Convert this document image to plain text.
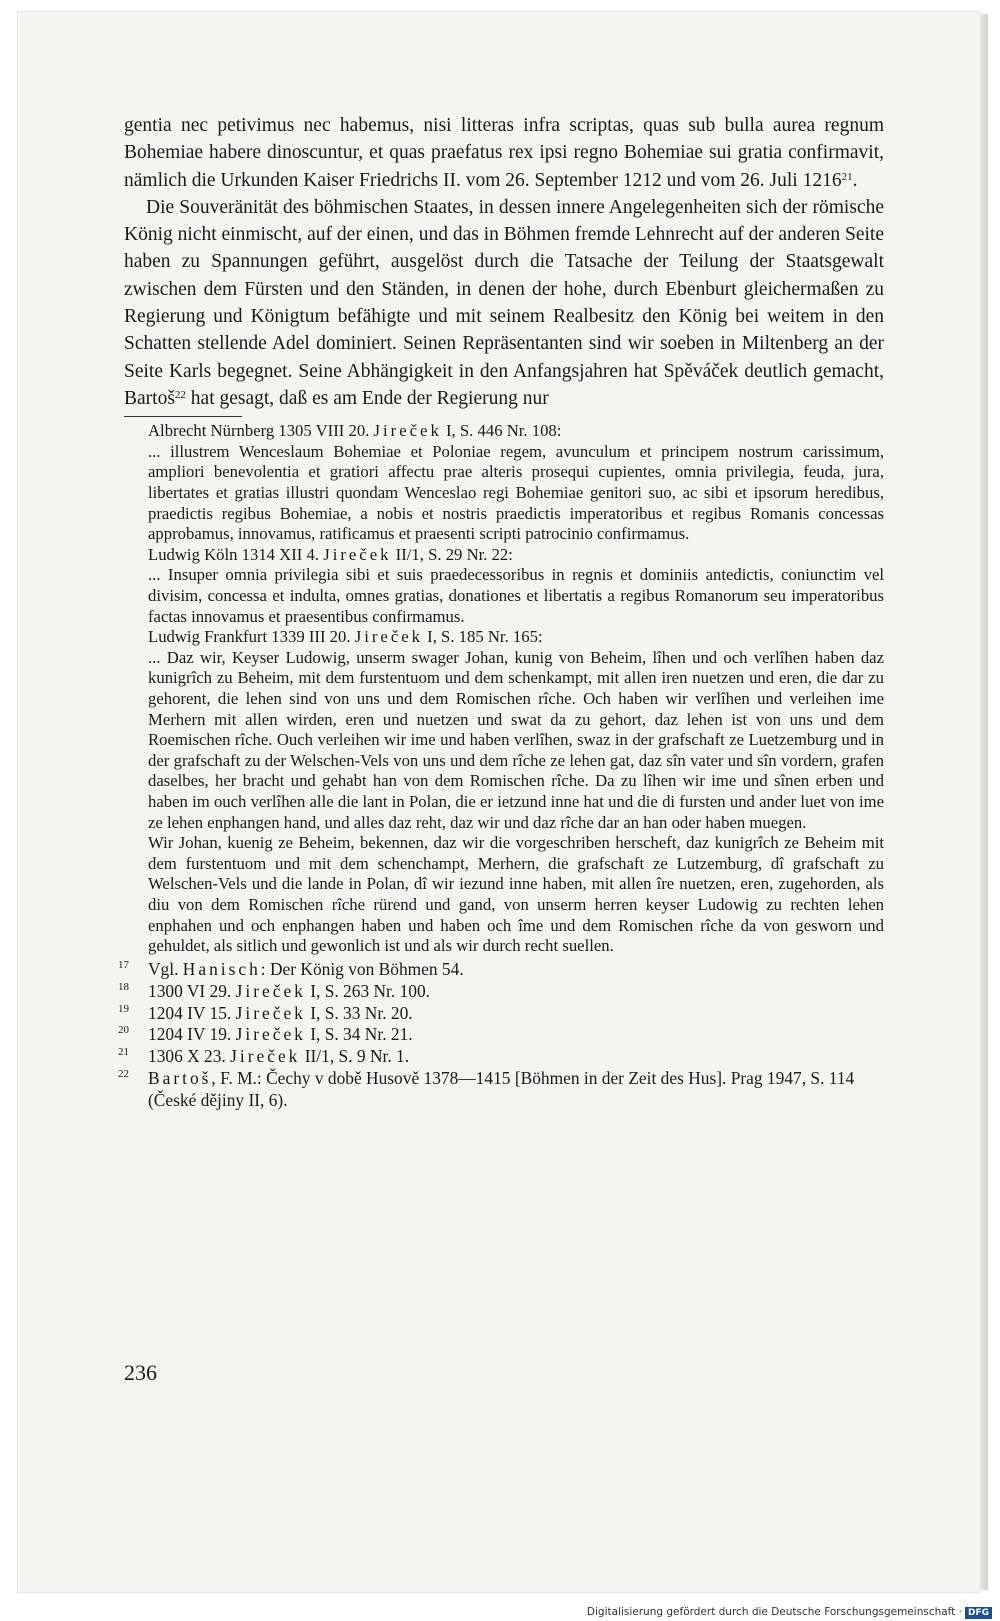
gentia nec petivimus nec habemus, nisi litteras infra scriptas, quas sub bulla aurea regnum Bohemiae habere dinoscuntur, et quas praefatus rex ipsi regno Bohemiae sui gratia confirmavit, nämlich die Urkunden Kaiser Friedrichs II. vom 26. September 1212 und vom 26. Juli 1216$^{21}$.

Die Souveränität des böhmischen Staates, in dessen innere Angelegenheiten sich der römische König nicht einmischt, auf der einen, und das in Böhmen fremde Lehnrecht auf der anderen Seite haben zu Spannungen geführt, ausgelöst durch die Tatsache der Teilung der Staatsgewalt zwischen dem Fürsten und den Ständen, in denen der hohe, durch Ebenburt gleichermaßen zu Regierung und Königtum befähigte und mit seinem Realbesitz den König bei weitem in den Schatten stellende Adel dominiert. Seinen Repräsentanten sind wir soeben in Miltenberg an der Seite Karls begegnet. Seine Abhängigkeit in den Anfangsjahren hat Spěváček deutlich gemacht, Bartoš$^{22}$ hat gesagt, daß es am Ende der Regierung nur

Albrecht Nürnberg 1305 VIII 20. Jireček I, S. 446 Nr. 108:

... illustrem Wenceslaum Bohemiae et Poloniae regem, avunculum et principem nostrum carissimum, ampliori benevolentia et gratiori affectu prae alteris prosequi cupientes, omnia privilegia, feuda, jura, libertates et gratias illustri quondam Wenceslao regi Bohemiae genitori suo, ac sibi et ipsorum heredibus, praedictis regibus Bohemiae, a nobis et nostris praedictis imperatoribus et regibus Romanis concessas approbamus, innovamus, ratificamus et praesenti scripti patrocinio confirmamus.

Ludwig Köln 1314 XII 4. Jireček II/1, S. 29 Nr. 22:

... Insuper omnia privilegia sibi et suis praedecessoribus in regnis et dominiis antedictis, coniunctim vel divisim, concessa et indulta, omnes gratias, donationes et libertatis a regibus Romanorum seu imperatoribus factas innovamus et praesentibus confirmamus.

Ludwig Frankfurt 1339 III 20. Jireček I, S. 185 Nr. 165:

... Daz wir, Keyser Ludowig, unserm swager Johan, kunig von Beheim, lîhen und och verlîhen haben daz kunigrîch zu Beheim, mit dem furstentuom und dem schenkampt, mit allen iren nuetzen und eren, die dar zu gehorent, die lehen sind von uns und dem Romischen rîche. Och haben wir verlîhen und verleihen ime Merhern mit allen wirden, eren und nuetzen und swat da zu gehort, daz lehen ist von uns und dem Roemischen rîche. Ouch verleihen wir ime und haben verlîhen, swaz in der grafschaft ze Luetzemburg und in der grafschaft zu der Welschen-Vels von uns und dem rîche ze lehen gat, daz sîn vater und sîn vordern, grafen daselbes, her bracht und gehabt han von dem Romischen rîche. Da zu lîhen wir ime und sînen erben und haben im ouch verlîhen alle die lant in Polan, die er ietzund inne hat und die di fursten und ander luet von ime ze lehen enphangen hand, und alles daz reht, daz wir und daz rîche dar an han oder haben muegen.

Wir Johan, kuenig ze Beheim, bekennen, daz wir die vorgeschriben herscheft, daz kunigrîch ze Beheim mit dem furstentuom und mit dem schenchampt, Merhern, die grafschaft ze Lutzemburg, dî grafschaft zu Welschen-Vels und die lande in Polan, dî wir iezund inne haben, mit allen îre nuetzen, eren, zugehorden, als diu von dem Romischen rîche rürend und gand, von unserm herren keyser Ludowig zu rechten lehen enphahen und och enphangen haben und haben och îme und dem Romischen rîche da von gesworn und gehuldet, als sitlich und gewonlich ist und als wir durch recht suellen.

17 Vgl. Hanisch: Der König von Böhmen 54.

18 1300 VI 29. Jireček I, S. 263 Nr. 100.

19 1204 IV 15. Jireček I, S. 33 Nr. 20.

20 1204 IV 19. Jireček I, S. 34 Nr. 21.

21 1306 X 23. Jireček II/1, S. 9 Nr. 1.

22 Bartoš, F. M.: Čechy v době Husově 1378—1415 [Böhmen in der Zeit des Hus]. Prag 1947, S. 114 (České dějiny II, 6).

236
Digitalisierung gefördert durch die Deutsche Forschungsgemeinschaft · DFG
